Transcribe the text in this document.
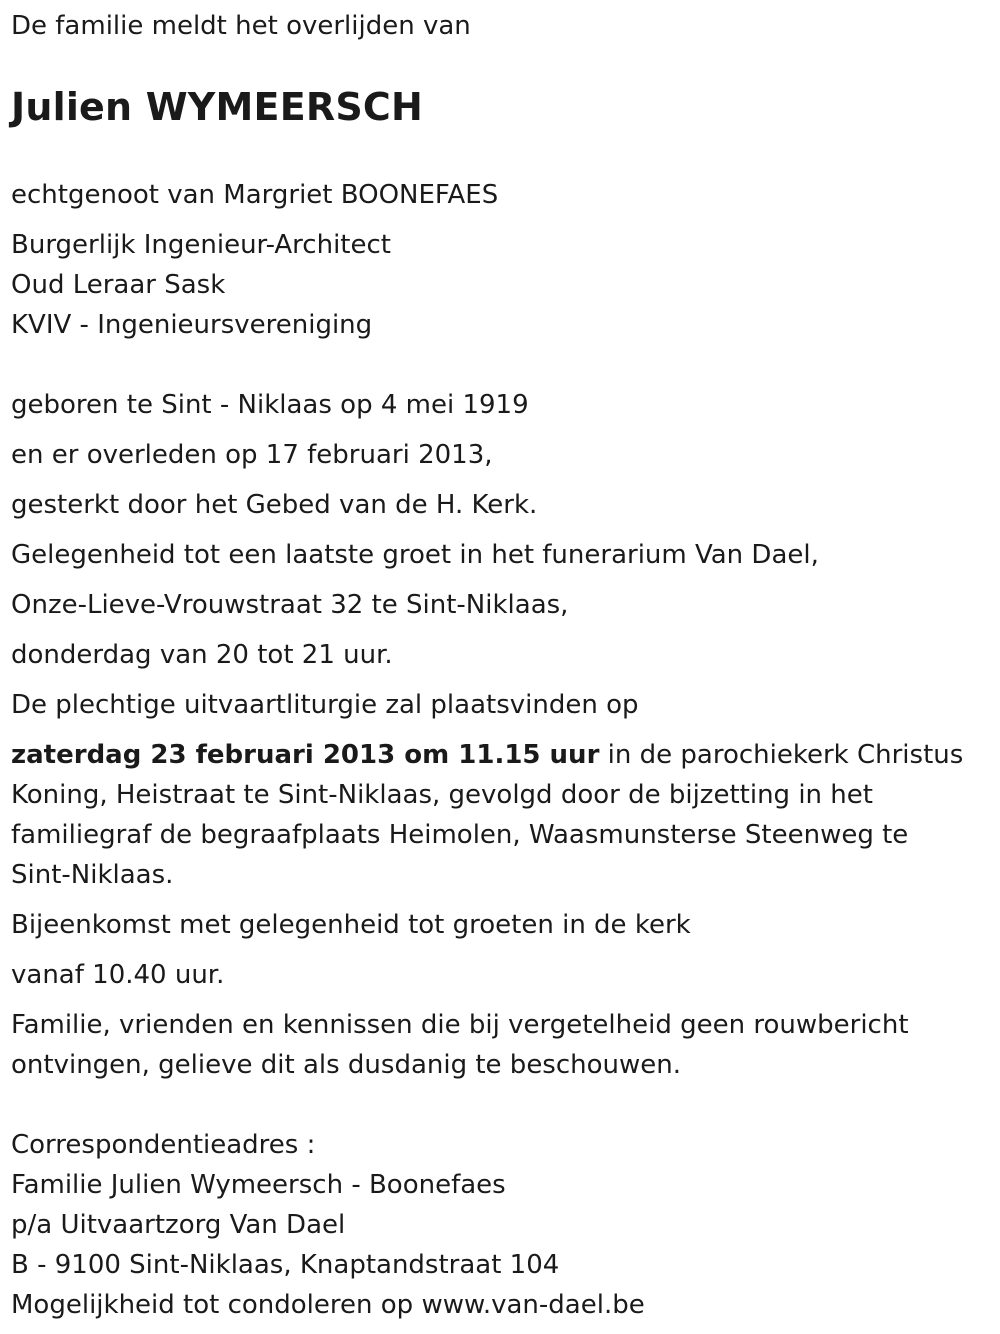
De familie meldt het overlijden van

Julien WYMEERSCH

echtgenoot van Margriet BOONEFAES

Burgerlijk Ingenieur-Architect
Oud Leraar Sask
KVIV - Ingenieursvereniging

geboren te Sint - Niklaas op 4 mei 1919

en er overleden op 17 februari 2013,

gesterkt door het Gebed van de H. Kerk.

Gelegenheid tot een laatste groet in het funerarium Van Dael,

Onze-Lieve-Vrouwstraat 32 te Sint-Niklaas,

donderdag van 20 tot 21 uur.

De plechtige uitvaartliturgie zal plaatsvinden op

zaterdag 23 februari 2013 om 11.15 uur in de parochiekerk Christus
Koning, Heistraat te Sint-Niklaas, gevolgd door de bijzetting in het
familiegraf de begraafplaats Heimolen, Waasmunsterse Steenweg te
Sint-Niklaas.

Bijeenkomst met gelegenheid tot groeten in de kerk

vanaf 10.40 uur.

Familie, vrienden en kennissen die bij vergetelheid geen rouwbericht
ontvingen, gelieve dit als dusdanig te beschouwen.
Correspondentieadres :
Familie Julien Wymeersch - Boonefaes
p/a Uitvaartzorg Van Dael
B - 9100 Sint-Niklaas, Knaptandstraat 104
Mogelijkheid tot condoleren op www.van-dael.be
